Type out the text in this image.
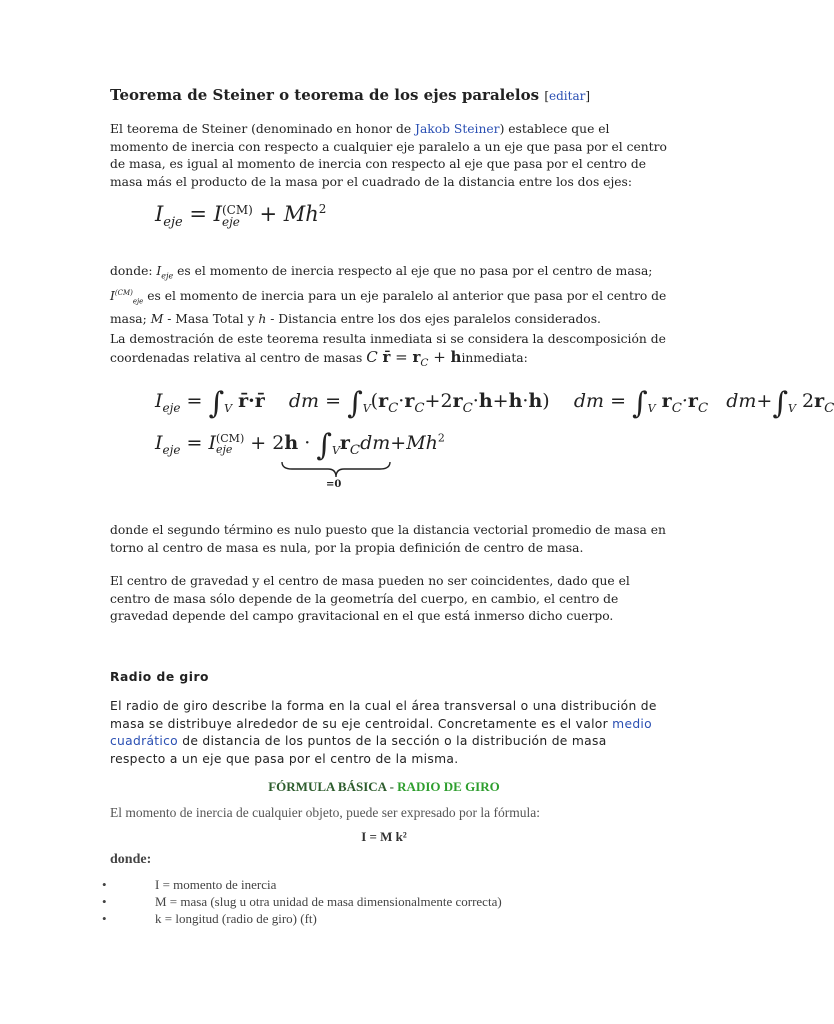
Teorema de Steiner o teorema de los ejes paralelos [editar]
El teorema de Steiner (denominado en honor de Jakob Steiner) establece que el
momento de inercia con respecto a cualquier eje paralelo a un eje que pasa por el centro
de masa, es igual al momento de inercia con respecto al eje que pasa por el centro de
masa más el producto de la masa por el cuadrado de la distancia entre los dos ejes:
$I_{eje} = I$ (CM)
eje + $Mh^2$
donde: $I_{eje}$ es el momento de inercia respecto al eje que no pasa por el centro de masa;
$I^{(CM)}_{eje}$ es el momento de inercia para un eje paralelo al anterior que pasa por el centro de
masa; M - Masa Total y h - Distancia entre los dos ejes paralelos considerados.
La demostración de este teorema resulta inmediata si se considera la descomposición de
coordenadas relativa al centro de masas C r̄ = $r_C$ + hinmediata:
$I_{eje} = \int_V$ r̄·r̄    dm = $\int_V(r_C\cdot r_C+2r_C\cdot h+h\cdot h)$    dm = $\int_V$ $r_C\cdot r_C$   $dm+\int_V$ $2r_C$
$I_{eje} = I$ (CM)
eje + $2h \cdot \int_Vr_Cdm+Mh^2$
=0
donde el segundo término es nulo puesto que la distancia vectorial promedio de masa en
torno al centro de masa es nula, por la propia definición de centro de masa.
El centro de gravedad y el centro de masa pueden no ser coincidentes, dado que el
centro de masa sólo depende de la geometría del cuerpo, en cambio, el centro de
gravedad depende del campo gravitacional en el que está inmerso dicho cuerpo.
Radio de giro
El radio de giro describe la forma en la cual el área transversal o una distribución de
masa se distribuye alrededor de su eje centroidal. Concretamente es el valor medio
cuadrático de distancia de los puntos de la sección o la distribución de masa
respecto a un eje que pasa por el centro de la misma.
FÓRMULA BÁSICA - RADIO DE GIRO
El momento de inercia de cualquier objeto, puede ser expresado por la fórmula:
I = M k²
donde:
• I = momento de inercia
• M = masa (slug u otra unidad de masa dimensionalmente correcta)
• k = longitud (radio de giro) (ft)
